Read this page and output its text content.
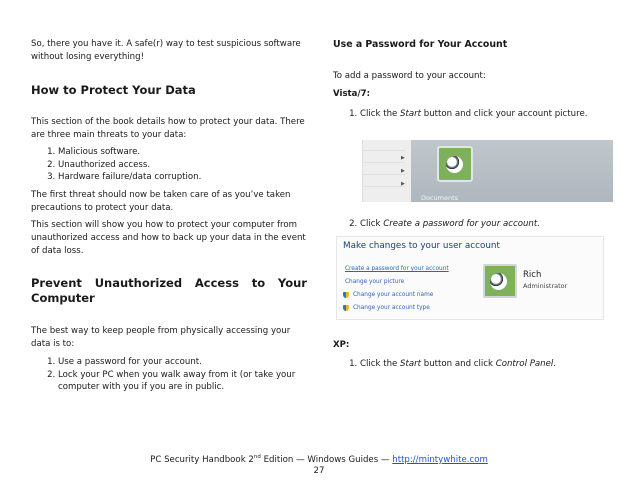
So, there you have it. A safe(r) way to test suspicious software without losing everything!
How to Protect Your Data
This section of the book details how to protect your data. There are three main threats to your data:
1. Malicious software.
2. Unauthorized access.
3. Hardware failure/data corruption.
The first threat should now be taken care of as you’ve taken precautions to protect your data.
This section will show you how to protect your computer from unauthorized access and how to back up your data in the event of data loss.
Prevent Unauthorized Access to Your
Computer
The best way to keep people from physically accessing your data is to:
1. Use a password for your account.
2. Lock your PC when you walk away from it (or take your computer with you if you are in public.
Use a Password for Your Account
To add a password to your account:
Vista/7:
1. Click the Start button and click your account picture.
▶
▶
▶
Documents
2. Click Create a password for your account.
Make changes to your user account
Create a password for your account
Change your picture
Change your account name
Change your account type
Rich
Administrator
XP:
1. Click the Start button and click Control Panel.
PC Security Handbook 2nd Edition — Windows Guides — http://mintywhite.com
27
